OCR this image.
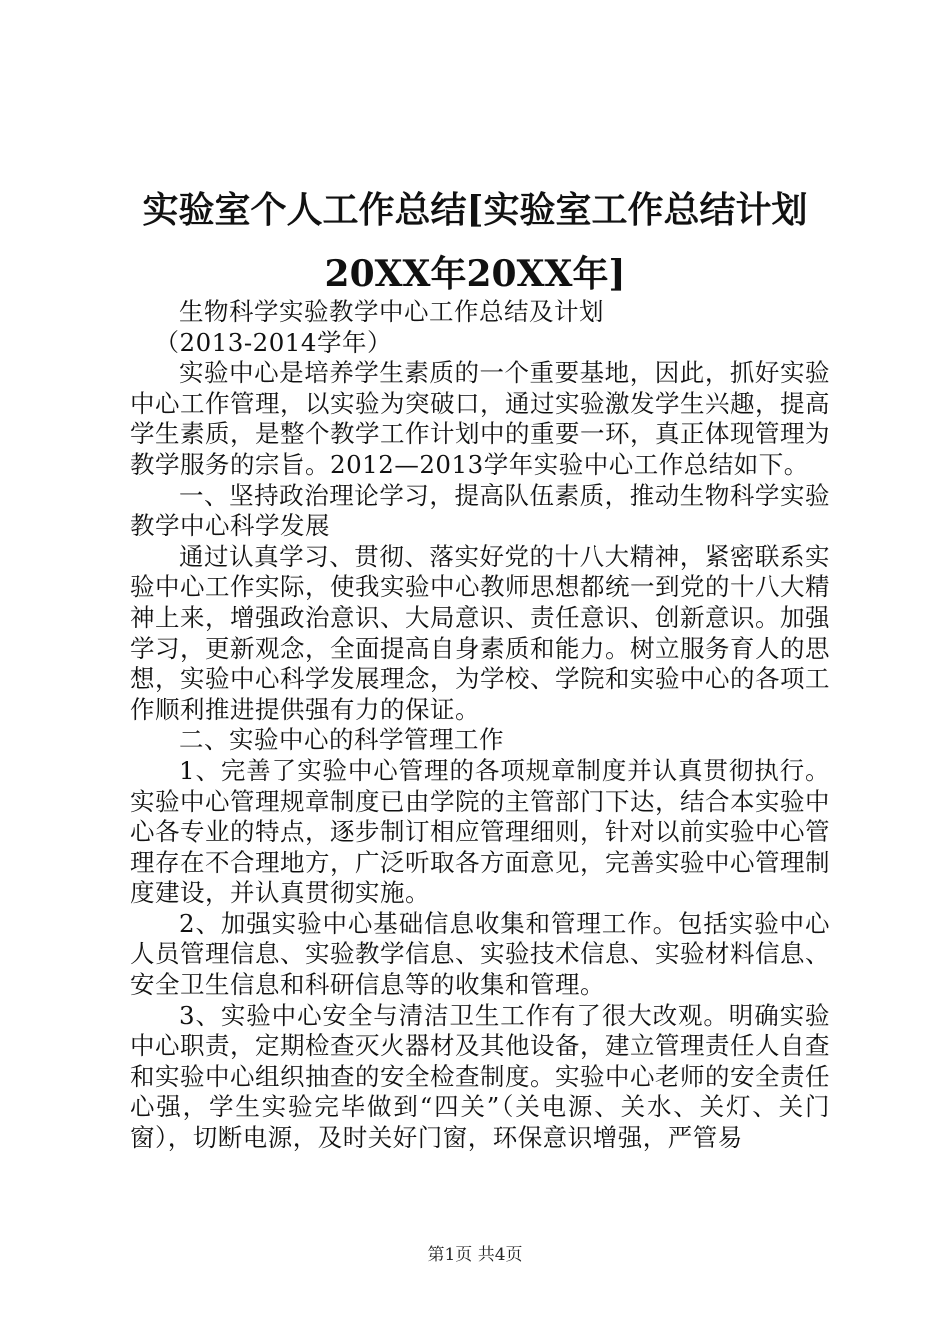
实验室个人工作总结[实验室工作总结计划
20XX年20XX年]

生物科学实验教学中心工作总结及计划

（2013-2014学年）

实验中心是培养学生素质的一个重要基地，因此，抓好实验中心工作管理，以实验为突破口，通过实验激发学生兴趣，提高学生素质，是整个教学工作计划中的重要一环，真正体现管理为教学服务的宗旨。2012—2013学年实验中心工作总结如下。

一、坚持政治理论学习，提高队伍素质，推动生物科学实验教学中心科学发展

通过认真学习、贯彻、落实好党的十八大精神，紧密联系实验中心工作实际，使我实验中心教师思想都统一到党的十八大精神上来，增强政治意识、大局意识、责任意识、创新意识。加强学习，更新观念，全面提高自身素质和能力。树立服务育人的思想，实验中心科学发展理念，为学校、学院和实验中心的各项工作顺利推进提供强有力的保证。

二、实验中心的科学管理工作

1、完善了实验中心管理的各项规章制度并认真贯彻执行。实验中心管理规章制度已由学院的主管部门下达，结合本实验中心各专业的特点，逐步制订相应管理细则，针对以前实验中心管理存在不合理地方，广泛听取各方面意见，完善实验中心管理制度建设，并认真贯彻实施。

2、加强实验中心基础信息收集和管理工作。包括实验中心人员管理信息、实验教学信息、实验技术信息、实验材料信息、安全卫生信息和科研信息等的收集和管理。

3、实验中心安全与清洁卫生工作有了很大改观。明确实验中心职责，定期检查灭火器材及其他设备，建立管理责任人自查和实验中心组织抽查的安全检查制度。实验中心老师的安全责任心强，学生实验完毕做到“四关”（关电源、关水、关灯、关门窗），切断电源，及时关好门窗，环保意识增强，严管易

第1页 共4页
